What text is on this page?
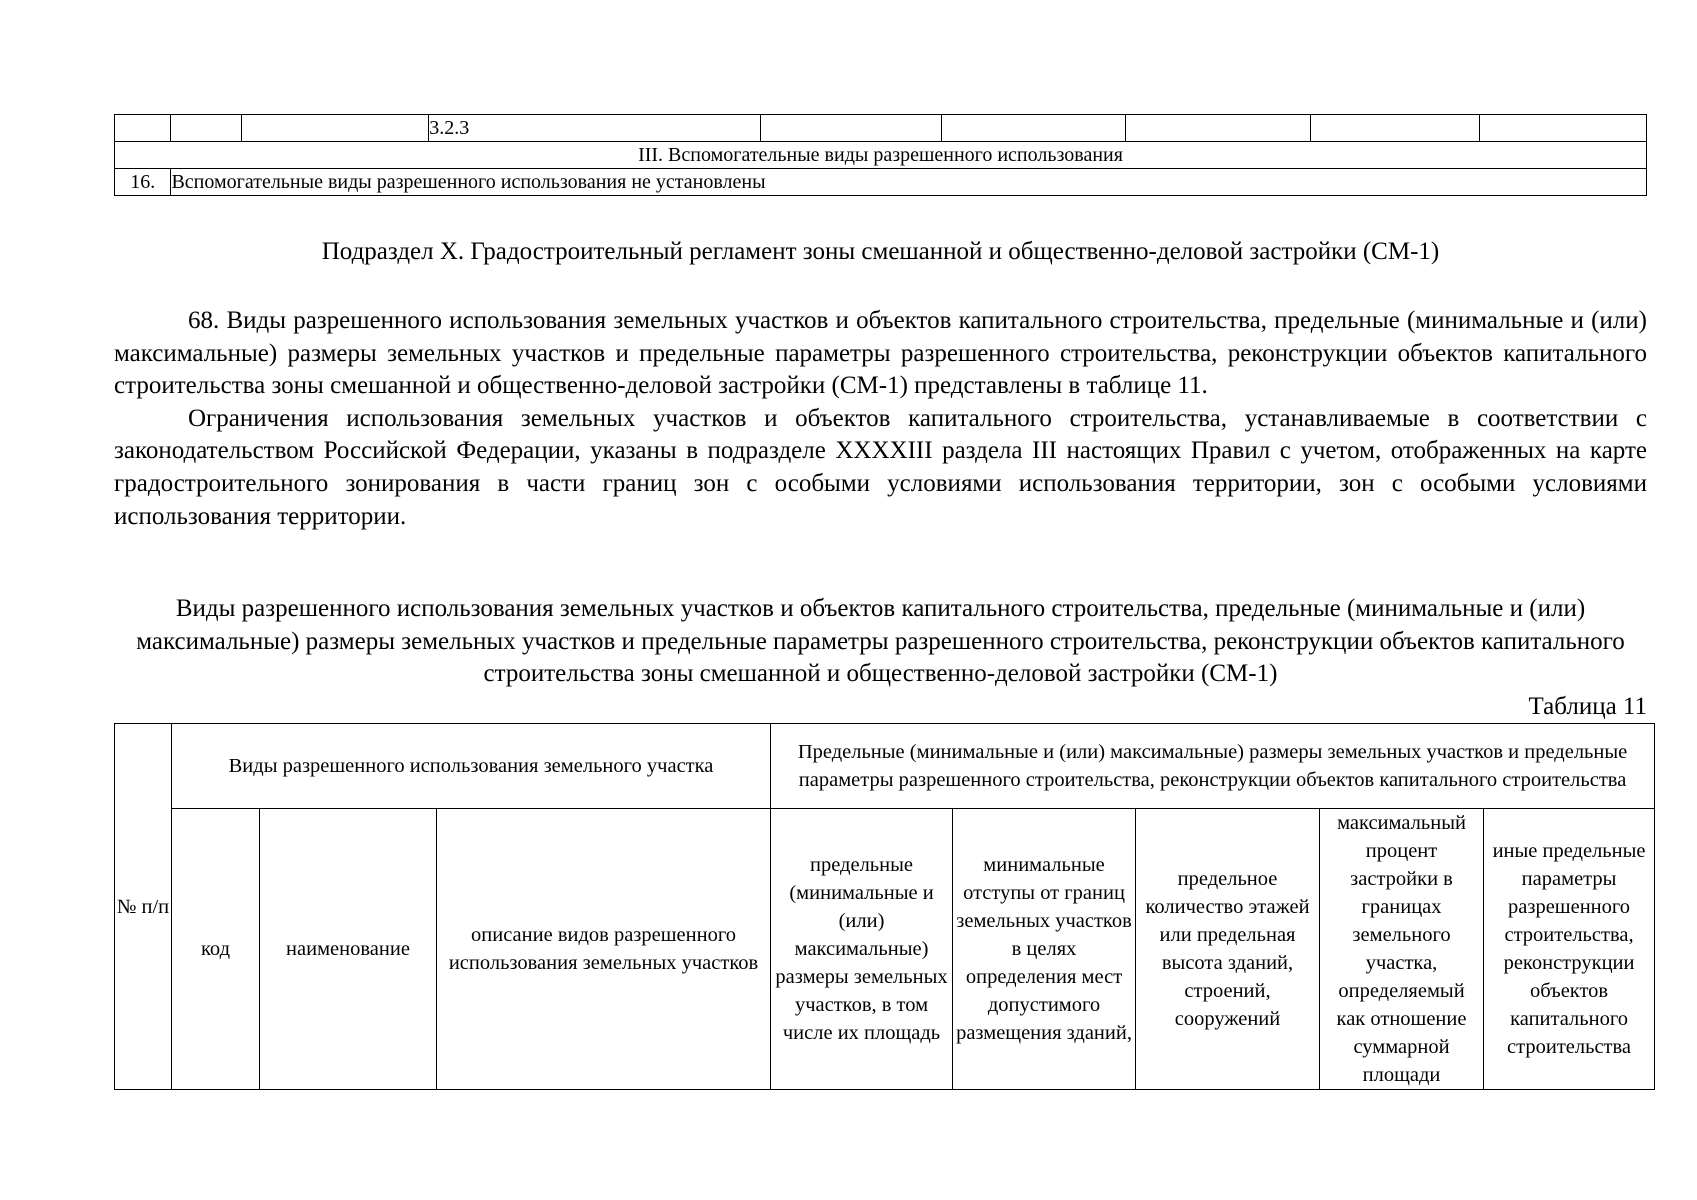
			3.2.3					
III. Вспомогательные виды разрешенного использования								
16.	Вспомогательные виды разрешенного использования не установлены							
Подраздел X. Градостроительный регламент зоны смешанной и общественно-деловой застройки (СМ-1)

68. Виды разрешенного использования земельных участков и объектов капитального строительства, предельные (минимальные и (или) максимальные) размеры земельных участков и предельные параметры разрешенного строительства, реконструкции объектов капитального строительства зоны смешанной и общественно-деловой застройки (СМ-1) представлены в таблице 11.

Ограничения использования земельных участков и объектов капитального строительства, устанавливаемые в соответствии с законодательством Российской Федерации, указаны в подразделе XXXXIII раздела III настоящих Правил с учетом, отображенных на карте градостроительного зонирования в части границ зон с особыми условиями использования территории, зон с особыми условиями использования территории.

Виды разрешенного использования земельных участков и объектов капитального строительства, предельные (минимальные и (или) максимальные) размеры земельных участков и предельные параметры разрешенного строительства, реконструкции объектов капитального строительства зоны смешанной и общественно-деловой застройки (СМ-1)

Таблица 11
№ п/п	Виды разрешенного использования земельного участка			Предельные (минимальные и (или) максимальные) размеры земельных участков и предельные параметры разрешенного строительства, реконструкции объектов капитального строительства				

	код	наименование	описание видов разрешенного использования земельных участков	предельные (минимальные и (или) максимальные) размеры земельных участков, в том числе их площадь	минимальные отступы от границ земельных участков в целях определения мест допустимого размещения зданий,	предельное количество этажей или предельная высота зданий, строений, сооружений	максимальный процент застройки в границах земельного участка, определяемый как отношение суммарной площади	иные предельные параметры разрешенного строительства, реконструкции объектов капитального строительства
